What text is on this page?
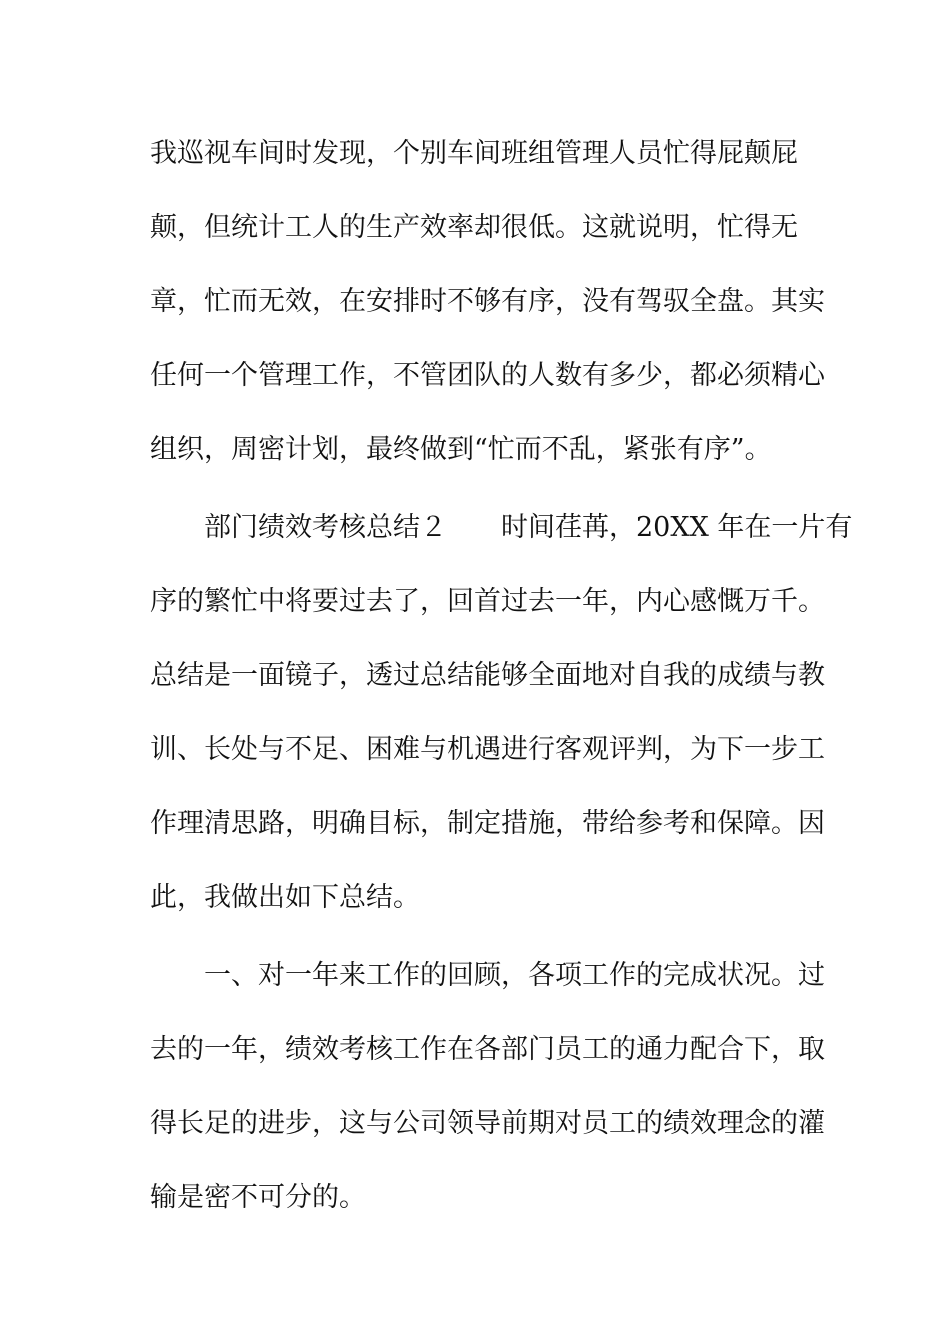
我巡视车间时发现，个别车间班组管理人员忙得屁颠屁
颠，但统计工人的生产效率却很低。这就说明，忙得无
章，忙而无效，在安排时不够有序，没有驾驭全盘。其实
任何一个管理工作，不管团队的人数有多少，都必须精心
组织，周密计划，最终做到“忙而不乱，紧张有序”。
部门绩效考核总结２　　时间荏苒，20XX 年在一片有
序的繁忙中将要过去了，回首过去一年，内心感慨万千。
总结是一面镜子，透过总结能够全面地对自我的成绩与教
训、长处与不足、困难与机遇进行客观评判，为下一步工
作理清思路，明确目标，制定措施，带给参考和保障。因
此，我做出如下总结。
一、对一年来工作的回顾，各项工作的完成状况。过
去的一年，绩效考核工作在各部门员工的通力配合下，取
得长足的进步，这与公司领导前期对员工的绩效理念的灌
输是密不可分的。
